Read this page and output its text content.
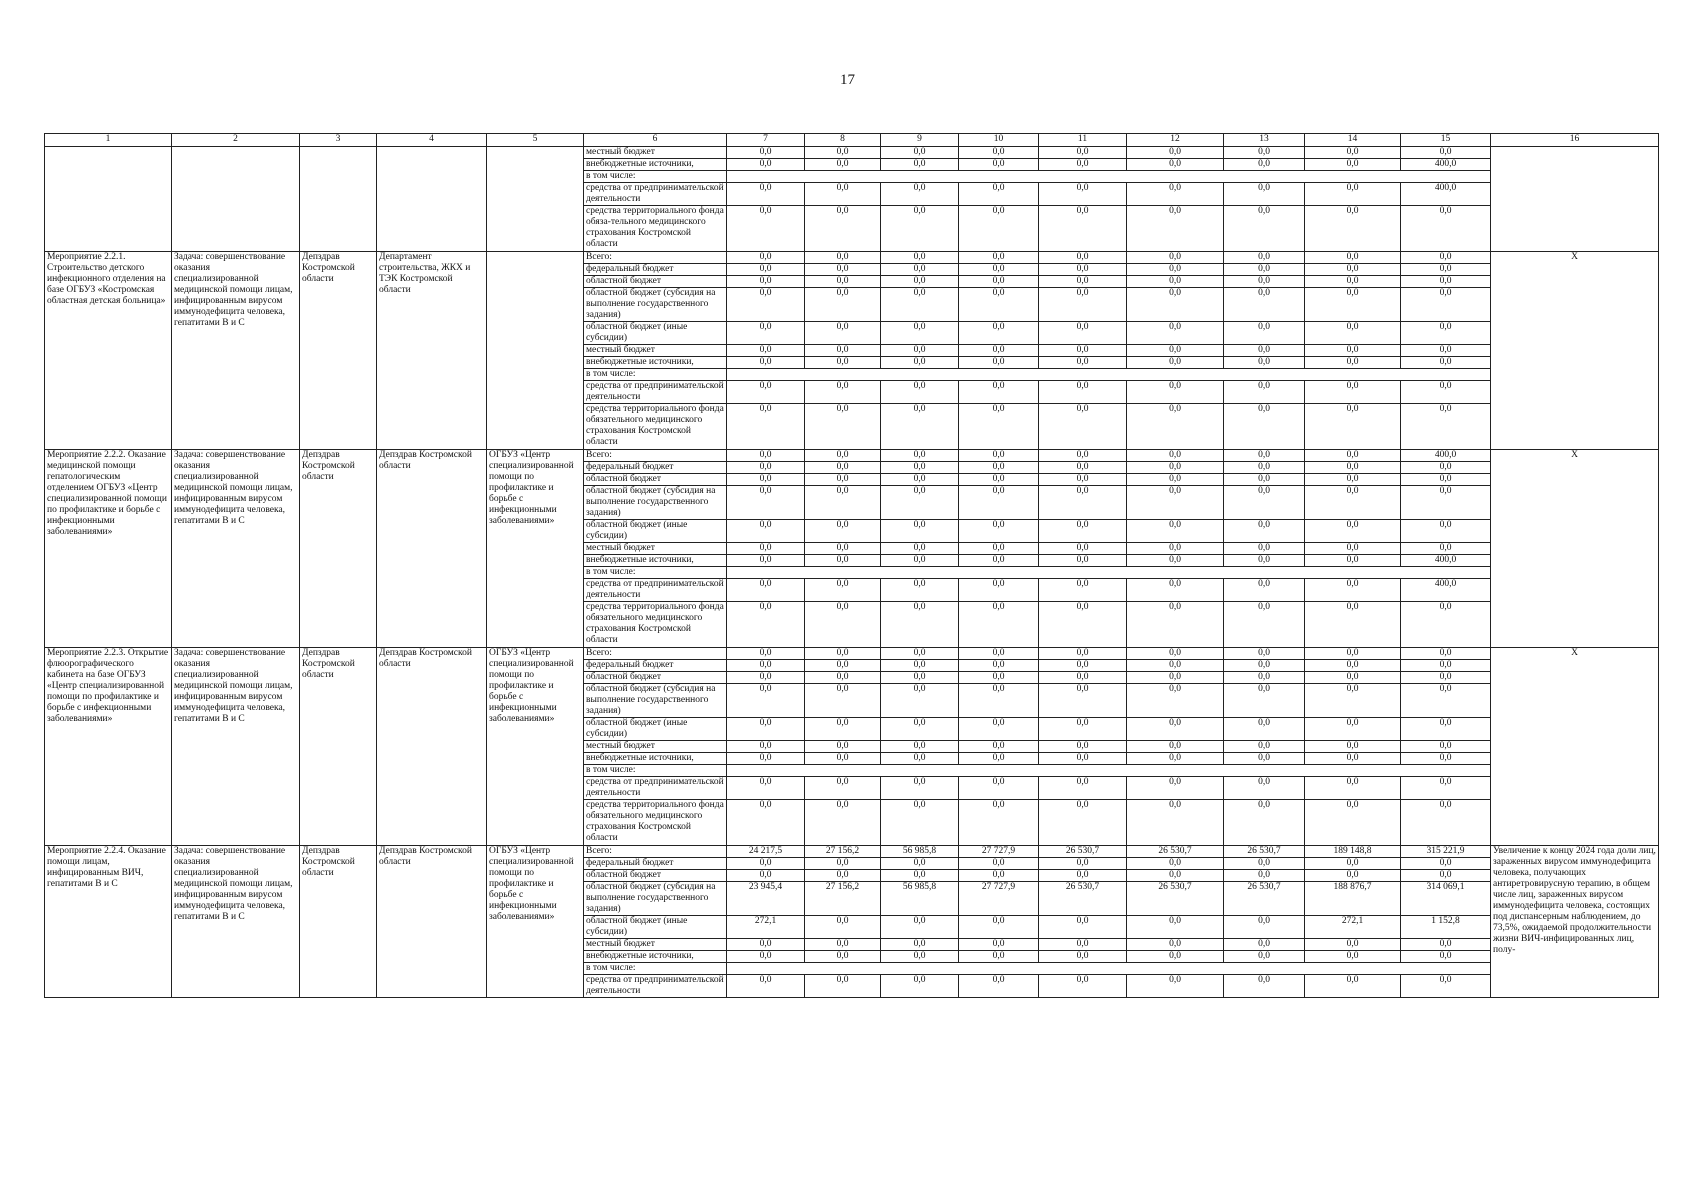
17
1	2	3	4	5	6	7	8	9	10	11	12	13	14	15	16
					местный бюджет	0,0	0,0	0,0	0,0	0,0	0,0	0,0	0,0	0,0	
					внебюджетные источники,	0,0	0,0	0,0	0,0	0,0	0,0	0,0	0,0	400,0	
					в том числе:										
					средства от предпринимательской деятельности	0,0	0,0	0,0	0,0	0,0	0,0	0,0	0,0	400,0	
					средства территориального фонда обяза-тельного медицинского страхования Костромской области	0,0	0,0	0,0	0,0	0,0	0,0	0,0	0,0	0,0	
Мероприятие 2.2.1. Строительство детского инфекционного отделения на базе ОГБУЗ «Костромская областная детская больница»	Задача: совершенствование оказания специализированной медицинской помощи лицам, инфицированным вирусом иммунодефицита человека, гепатитами B и C	Депздрав Костромской области	Департамент строительства, ЖКХ и ТЭК Костромской области		Всего:	0,0	0,0	0,0	0,0	0,0	0,0	0,0	0,0	0,0	Х
					федеральный бюджет	0,0	0,0	0,0	0,0	0,0	0,0	0,0	0,0	0,0	
					областной бюджет	0,0	0,0	0,0	0,0	0,0	0,0	0,0	0,0	0,0	
					областной бюджет (субсидия на выполнение государственного задания)	0,0	0,0	0,0	0,0	0,0	0,0	0,0	0,0	0,0	
					областной бюджет (иные субсидии)	0,0	0,0	0,0	0,0	0,0	0,0	0,0	0,0	0,0	
					местный бюджет	0,0	0,0	0,0	0,0	0,0	0,0	0,0	0,0	0,0	
					внебюджетные источники,	0,0	0,0	0,0	0,0	0,0	0,0	0,0	0,0	0,0	
					в том числе:										
					средства от предпринимательской деятельности	0,0	0,0	0,0	0,0	0,0	0,0	0,0	0,0	0,0	
					средства территориального фонда обязательного медицинского страхования Костромской области	0,0	0,0	0,0	0,0	0,0	0,0	0,0	0,0	0,0	
Мероприятие 2.2.2. Оказание медицинской помощи гепатологическим отделением ОГБУЗ «Центр специализированной помощи по профилактике и борьбе с инфекционными заболеваниями»	Задача: совершенствование оказания специализированной медицинской помощи лицам, инфицированным вирусом иммунодефицита человека, гепатитами B и C	Депздрав Костромской области	Депздрав Костромской области	ОГБУЗ «Центр специализированной помощи по профилактике и борьбе с инфекционными заболеваниями»	Всего:	0,0	0,0	0,0	0,0	0,0	0,0	0,0	0,0	400,0	Х
					федеральный бюджет	0,0	0,0	0,0	0,0	0,0	0,0	0,0	0,0	0,0	
					областной бюджет	0,0	0,0	0,0	0,0	0,0	0,0	0,0	0,0	0,0	
					областной бюджет (субсидия на выполнение государственного задания)	0,0	0,0	0,0	0,0	0,0	0,0	0,0	0,0	0,0	
					областной бюджет (иные субсидии)	0,0	0,0	0,0	0,0	0,0	0,0	0,0	0,0	0,0	
					местный бюджет	0,0	0,0	0,0	0,0	0,0	0,0	0,0	0,0	0,0	
					внебюджетные источники,	0,0	0,0	0,0	0,0	0,0	0,0	0,0	0,0	400,0	
					в том числе:										
					средства от предпринимательской деятельности	0,0	0,0	0,0	0,0	0,0	0,0	0,0	0,0	400,0	
					средства территориального фонда обязательного медицинского страхования Костромской области	0,0	0,0	0,0	0,0	0,0	0,0	0,0	0,0	0,0	
Мероприятие 2.2.3. Открытие флюорографического кабинета на базе ОГБУЗ «Центр специализированной помощи по профилактике и борьбе с инфекционными заболеваниями»	Задача: совершенствование оказания специализированной медицинской помощи лицам, инфицированным вирусом иммунодефицита человека, гепатитами B и C	Депздрав Костромской области	Депздрав Костромской области	ОГБУЗ «Центр специализированной помощи по профилактике и борьбе с инфекционными заболеваниями»	Всего:	0,0	0,0	0,0	0,0	0,0	0,0	0,0	0,0	0,0	Х
					федеральный бюджет	0,0	0,0	0,0	0,0	0,0	0,0	0,0	0,0	0,0	
					областной бюджет	0,0	0,0	0,0	0,0	0,0	0,0	0,0	0,0	0,0	
					областной бюджет (субсидия на выполнение государственного задания)	0,0	0,0	0,0	0,0	0,0	0,0	0,0	0,0	0,0	
					областной бюджет (иные субсидии)	0,0	0,0	0,0	0,0	0,0	0,0	0,0	0,0	0,0	
					местный бюджет	0,0	0,0	0,0	0,0	0,0	0,0	0,0	0,0	0,0	
					внебюджетные источники,	0,0	0,0	0,0	0,0	0,0	0,0	0,0	0,0	0,0	
					в том числе:										
					средства от предпринимательской деятельности	0,0	0,0	0,0	0,0	0,0	0,0	0,0	0,0	0,0	
					средства территориального фонда обязательного медицинского страхования Костромской области	0,0	0,0	0,0	0,0	0,0	0,0	0,0	0,0	0,0	
Мероприятие 2.2.4. Оказание помощи лицам, инфицированным ВИЧ, гепатитами B и C	Задача: совершенствование оказания специализированной медицинской помощи лицам, инфицированным вирусом иммунодефицита человека, гепатитами B и C	Депздрав Костромской области	Депздрав Костромской области	ОГБУЗ «Центр специализированной помощи по профилактике и борьбе с инфекционными заболеваниями»	Всего:	24 217,5	27 156,2	56 985,8	27 727,9	26 530,7	26 530,7	26 530,7	189 148,8	315 221,9	Увеличение к концу 2024 года доли лиц, зараженных вирусом иммунодефицита человека, получающих антиретровирусную терапию, в общем числе лиц, зараженных вирусом иммунодефицита человека, состоящих под диспансерным наблюдением, до 73,5%, ожидаемой продолжительности жизни ВИЧ-инфицированных лиц, полу-
					федеральный бюджет	0,0	0,0	0,0	0,0	0,0	0,0	0,0	0,0	0,0	
					областной бюджет	0,0	0,0	0,0	0,0	0,0	0,0	0,0	0,0	0,0	
					областной бюджет (субсидия на выполнение государственного задания)	23 945,4	27 156,2	56 985,8	27 727,9	26 530,7	26 530,7	26 530,7	188 876,7	314 069,1	
					областной бюджет (иные субсидии)	272,1	0,0	0,0	0,0	0,0	0,0	0,0	272,1	1 152,8	
					местный бюджет	0,0	0,0	0,0	0,0	0,0	0,0	0,0	0,0	0,0	
					внебюджетные источники,	0,0	0,0	0,0	0,0	0,0	0,0	0,0	0,0	0,0	
					в том числе:										
					средства от предпринимательской деятельности	0,0	0,0	0,0	0,0	0,0	0,0	0,0	0,0	0,0	
